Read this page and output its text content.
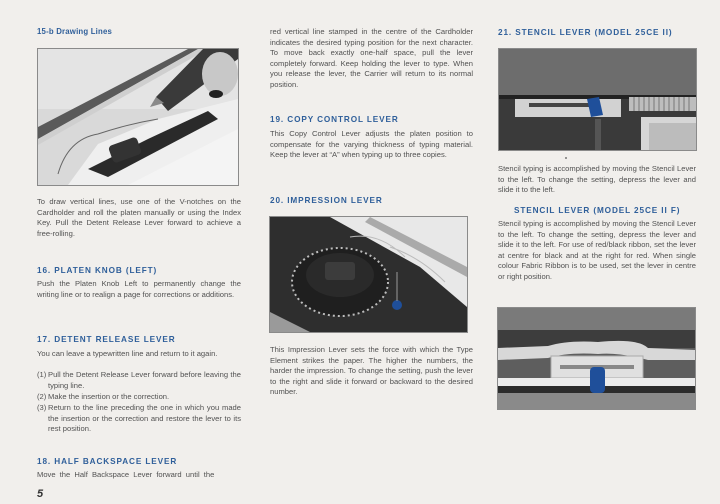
15-b Drawing Lines
To draw vertical lines, use one of the V-notches on the Cardholder and roll the platen manually or using the Index Key. Pull the Detent Release Lever forward to achieve a free-rolling.
16. PLATEN KNOB (LEFT)
Push the Platen Knob Left to permanently change the writing line or to realign a page for corrections or additions.
17. DETENT RELEASE LEVER
You can leave a typewritten line and return to it again.
(1) Pull the Detent Release Lever forward before leaving the typing line.
(2) Make the insertion or the correction.
(3) Return to the line preceding the one in which you made the insertion or the correction and restore the lever to its rest position.
18. HALF BACKSPACE LEVER
Move the Half Backspace Lever forward until the
5
red vertical line stamped in the centre of the Cardholder indicates the desired typing position for the next character. To move back exactly one-half space, pull the lever completely forward. Keep holding the lever to type. When you release the lever, the Carrier will return to its normal position.
19. COPY CONTROL LEVER
This Copy Control Lever adjusts the platen position to compensate for the varying thickness of typing material. Keep the lever at “A” when typing up to three copies.
20. IMPRESSION LEVER
This Impression Lever sets the force with which the Type Element strikes the paper. The higher the numbers, the harder the impression. To change the setting, push the lever to the right and slide it forward or backward to the desired number.
21. STENCIL LEVER (MODEL 25CE II)
Stencil typing is accomplished by moving the Stencil Lever to the left. To change the setting, depress the lever and slide it to the left.
STENCIL LEVER (MODEL 25CE II F)
Stencil typing is accomplished by moving the Stencil Lever to the left. To change the setting, depress the lever and slide it to the left. For use of red/black ribbon, set the lever at centre for black and at the right for red. When single colour Fabric Ribbon is to be used, set the lever in centre or right position.
